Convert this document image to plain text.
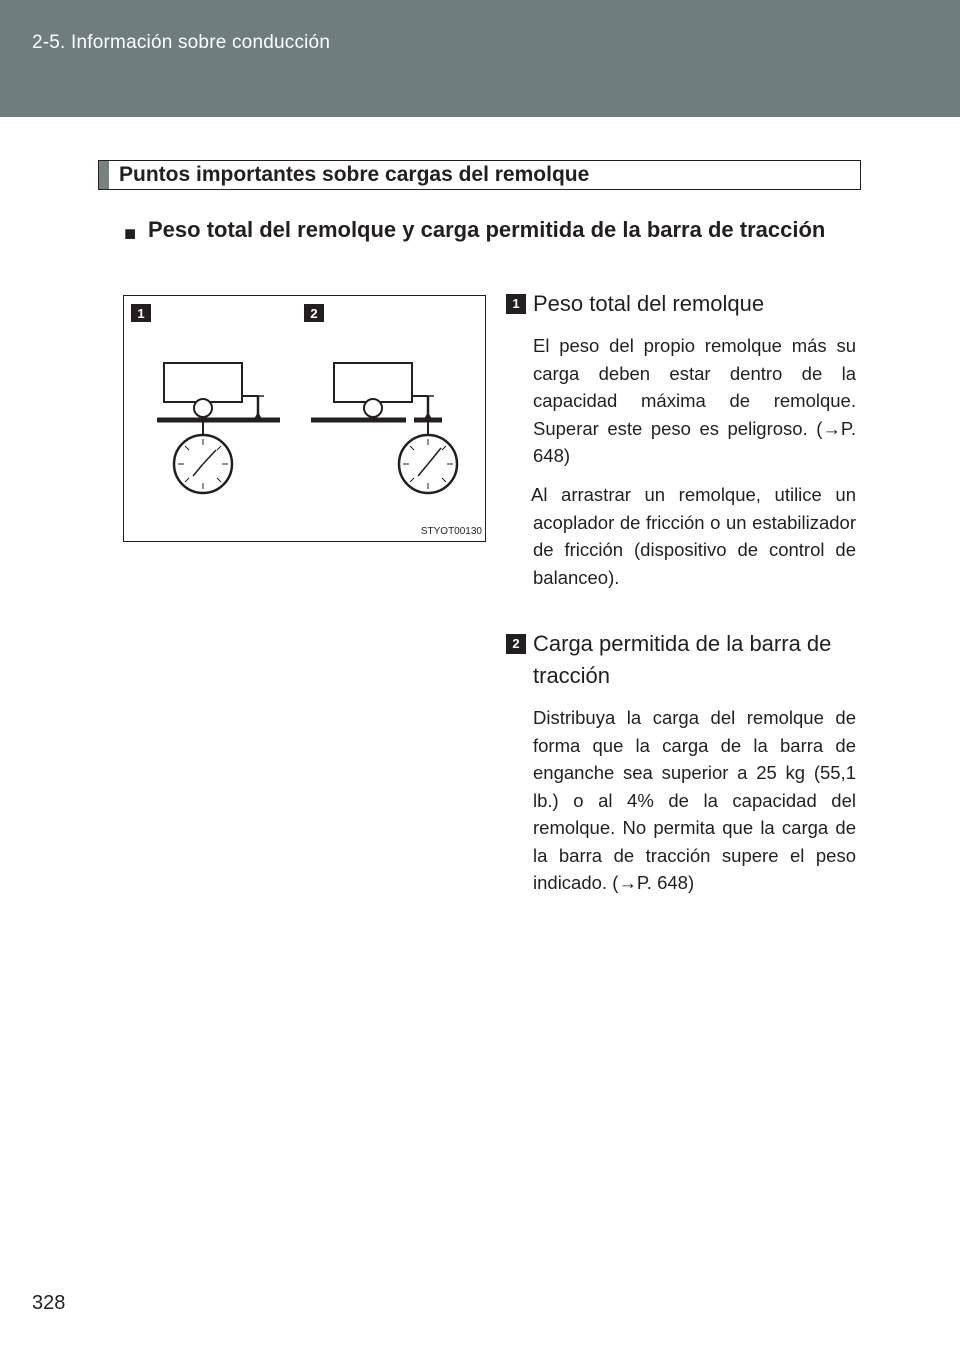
2-5. Información sobre conducción
Puntos importantes sobre cargas del remolque
■ Peso total del remolque y carga permitida de la barra de tracción
1	2
STYOT00130
1 Peso total del remolque
El peso del propio remolque más su carga deben estar dentro de la capacidad máxima de remolque. Superar este peso es peligroso. (→P. 648)
Al arrastrar un remolque, utilice un acoplador de fricción o un estabilizador de fricción (dispositivo de control de balanceo).
2 Carga permitida de la barra de tracción
Distribuya la carga del remolque de forma que la carga de la barra de enganche sea superior a 25 kg (55,1 lb.) o al 4% de la capacidad del remolque. No permita que la carga de la barra de tracción supere el peso indicado. (→P. 648)
328
